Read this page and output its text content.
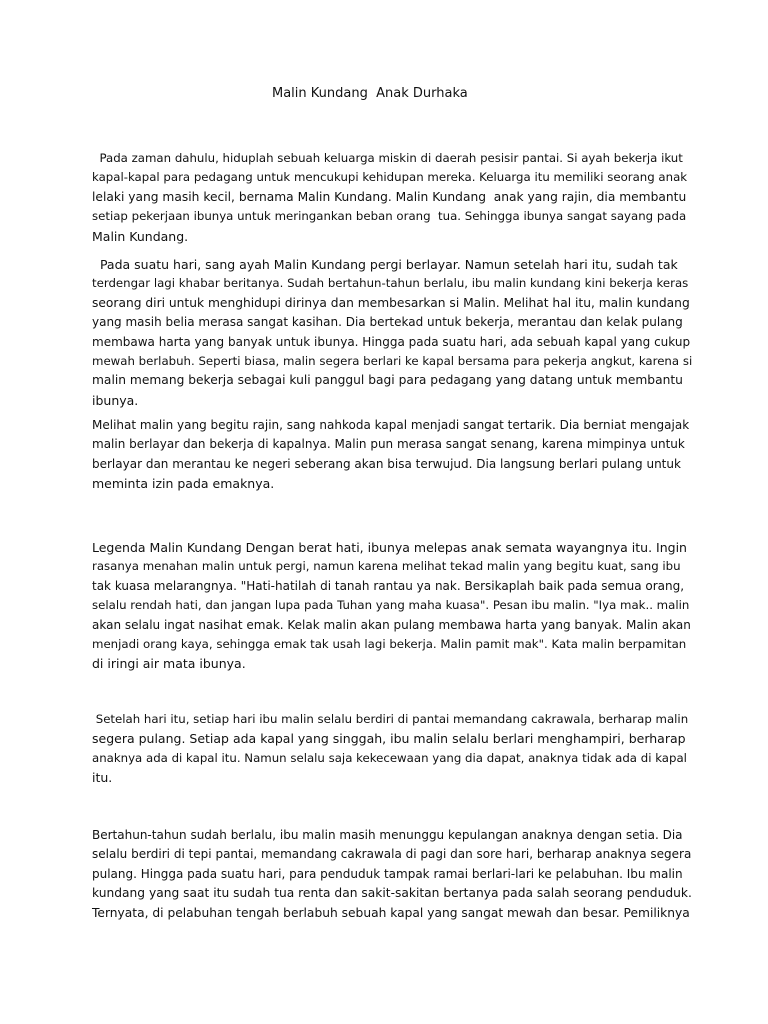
Malin Kundang  Anak Durhaka
Pada zaman dahulu, hiduplah sebuah keluarga miskin di daerah pesisir pantai. Si ayah bekerja ikut
kapal-kapal para pedagang untuk mencukupi kehidupan mereka. Keluarga itu memiliki seorang anak
lelaki yang masih kecil, bernama Malin Kundang. Malin Kundang  anak yang rajin, dia membantu
setiap pekerjaan ibunya untuk meringankan beban orang  tua. Sehingga ibunya sangat sayang pada
Malin Kundang.
Pada suatu hari, sang ayah Malin Kundang pergi berlayar. Namun setelah hari itu, sudah tak
terdengar lagi khabar beritanya. Sudah bertahun-tahun berlalu, ibu malin kundang kini bekerja keras
seorang diri untuk menghidupi dirinya dan membesarkan si Malin. Melihat hal itu, malin kundang
yang masih belia merasa sangat kasihan. Dia bertekad untuk bekerja, merantau dan kelak pulang
membawa harta yang banyak untuk ibunya. Hingga pada suatu hari, ada sebuah kapal yang cukup
mewah berlabuh. Seperti biasa, malin segera berlari ke kapal bersama para pekerja angkut, karena si
malin memang bekerja sebagai kuli panggul bagi para pedagang yang datang untuk membantu
ibunya.
Melihat malin yang begitu rajin, sang nahkoda kapal menjadi sangat tertarik. Dia berniat mengajak
malin berlayar dan bekerja di kapalnya. Malin pun merasa sangat senang, karena mimpinya untuk
berlayar dan merantau ke negeri seberang akan bisa terwujud. Dia langsung berlari pulang untuk
meminta izin pada emaknya.
Legenda Malin Kundang Dengan berat hati, ibunya melepas anak semata wayangnya itu. Ingin
rasanya menahan malin untuk pergi, namun karena melihat tekad malin yang begitu kuat, sang ibu
tak kuasa melarangnya. "Hati-hatilah di tanah rantau ya nak. Bersikaplah baik pada semua orang,
selalu rendah hati, dan jangan lupa pada Tuhan yang maha kuasa". Pesan ibu malin. "Iya mak.. malin
akan selalu ingat nasihat emak. Kelak malin akan pulang membawa harta yang banyak. Malin akan
menjadi orang kaya, sehingga emak tak usah lagi bekerja. Malin pamit mak". Kata malin berpamitan
di iringi air mata ibunya.
Setelah hari itu, setiap hari ibu malin selalu berdiri di pantai memandang cakrawala, berharap malin
segera pulang. Setiap ada kapal yang singgah, ibu malin selalu berlari menghampiri, berharap
anaknya ada di kapal itu. Namun selalu saja kekecewaan yang dia dapat, anaknya tidak ada di kapal
itu.
Bertahun-tahun sudah berlalu, ibu malin masih menunggu kepulangan anaknya dengan setia. Dia
selalu berdiri di tepi pantai, memandang cakrawala di pagi dan sore hari, berharap anaknya segera
pulang. Hingga pada suatu hari, para penduduk tampak ramai berlari-lari ke pelabuhan. Ibu malin
kundang yang saat itu sudah tua renta dan sakit-sakitan bertanya pada salah seorang penduduk.
Ternyata, di pelabuhan tengah berlabuh sebuah kapal yang sangat mewah dan besar. Pemiliknya
